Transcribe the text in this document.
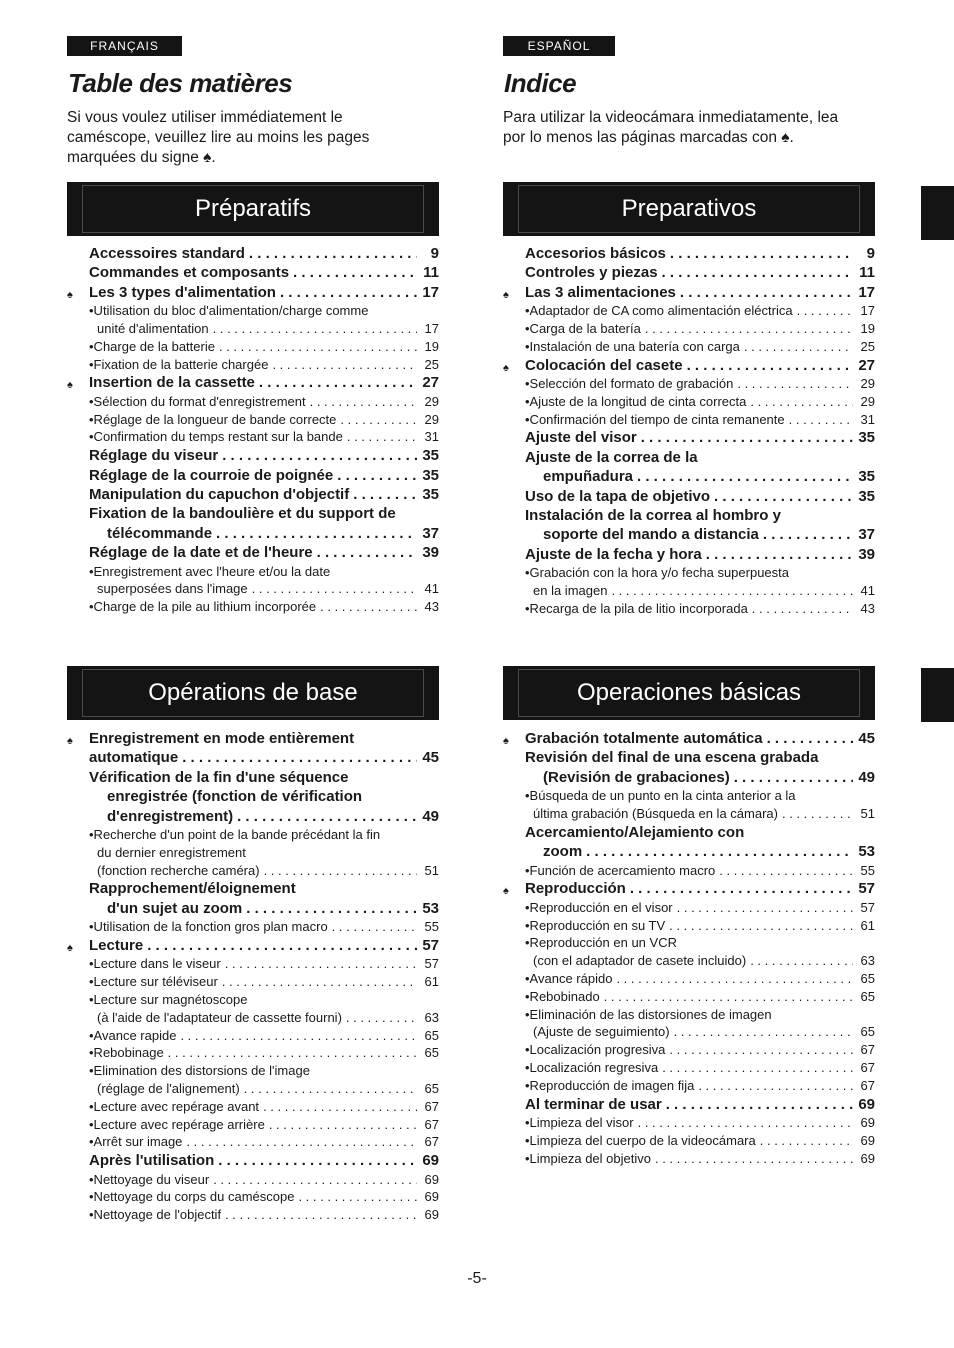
FRANÇAIS
Table des matières
Si vous voulez utiliser immédiatement le caméscope, veuillez lire au moins les pages marquées du signe ♠.
Préparatifs
Accessoires standard . . .	9
Commandes et composants . . .	11
♠ Les 3 types d'alimentation . . .	17
•Utilisation du bloc d'alimentation/charge comme
unité d'alimentation . . .	17
•Charge de la batterie . . .	19
•Fixation de la batterie chargée . . .	25
♠ Insertion de la cassette . . .	27
•Sélection du format d'enregistrement . . .	29
•Réglage de la longueur de bande correcte . . .	29
•Confirmation du temps restant sur la bande . . .	31
Réglage du viseur . . .	35
Réglage de la courroie de poignée . . .	35
Manipulation du capuchon d'objectif . . .	35
Fixation de la bandoulière et du support de
télécommande . . .	37
Réglage de la date et de l'heure . . .	39
•Enregistrement avec l'heure et/ou la date
superposées dans l'image . . .	41
•Charge de la pile au lithium incorporée . . .	43
Opérations de base
♠ Enregistrement en mode entièrement
automatique . . .	45
Vérification de la fin d'une séquence
enregistrée (fonction de vérification
d'enregistrement) . . .	49
•Recherche d'un point de la bande précédant la fin
du dernier enregistrement
(fonction recherche caméra) . . .	51
Rapprochement/éloignement
d'un sujet au zoom . . .	53
•Utilisation de la fonction gros plan macro . . .	55
♠ Lecture . . .	57
•Lecture dans le viseur . . .	57
•Lecture sur téléviseur . . .	61
•Lecture sur magnétoscope
(à l'aide de l'adaptateur de cassette fourni) . . .	63
•Avance rapide . . .	65
•Rebobinage . . .	65
•Elimination des distorsions de l'image
(réglage de l'alignement) . . .	65
•Lecture avec repérage avant . . .	67
•Lecture avec repérage arrière . . .	67
•Arrêt sur image . . .	67
Après l'utilisation . . .	69
•Nettoyage du viseur . . .	69
•Nettoyage du corps du caméscope . . .	69
•Nettoyage de l'objectif . . .	69
ESPAÑOL
Indice
Para utilizar la videocámara inmediatamente, lea por lo menos las páginas marcadas con ♠.
Preparativos
Accesorios básicos . . .	9
Controles y piezas . . .	11
♠ Las 3 alimentaciones . . .	17
•Adaptador de CA como alimentación eléctrica . . .	17
•Carga de la batería . . .	19
•Instalación de una batería con carga . . .	25
♠ Colocación del casete . . .	27
•Selección del formato de grabación . . .	29
•Ajuste de la longitud de cinta correcta . . .	29
•Confirmación del tiempo de cinta remanente . . .	31
Ajuste del visor . . .	35
Ajuste de la correa de la
empuñadura . . .	35
Uso de la tapa de objetivo . . .	35
Instalación de la correa al hombro y
soporte del mando a distancia . . .	37
Ajuste de la fecha y hora . . .	39
•Grabación con la hora y/o fecha superpuesta
en la imagen . . .	41
•Recarga de la pila de litio incorporada . . .	43
Operaciones básicas
♠ Grabación totalmente automática . . .	45
Revisión del final de una escena grabada
(Revisión de grabaciones) . . .	49
•Búsqueda de un punto en la cinta anterior a la
última grabación (Búsqueda en la cámara) . . .	51
Acercamiento/Alejamiento con
zoom . . .	53
•Función de acercamiento macro . . .	55
♠ Reproducción . . .	57
•Reproducción en el visor . . .	57
•Reproducción en su TV . . .	61
•Reproducción en un VCR
(con el adaptador de casete incluido) . . .	63
•Avance rápido . . .	65
•Rebobinado . . .	65
•Eliminación de las distorsiones de imagen
(Ajuste de seguimiento) . . .	65
•Localización progresiva . . .	67
•Localización regresiva . . .	67
•Reproducción de imagen fija . . .	67
Al terminar de usar . . .	69
•Limpieza del visor . . .	69
•Limpieza del cuerpo de la videocámara . . .	69
•Limpieza del objetivo . . .	69
-5-
